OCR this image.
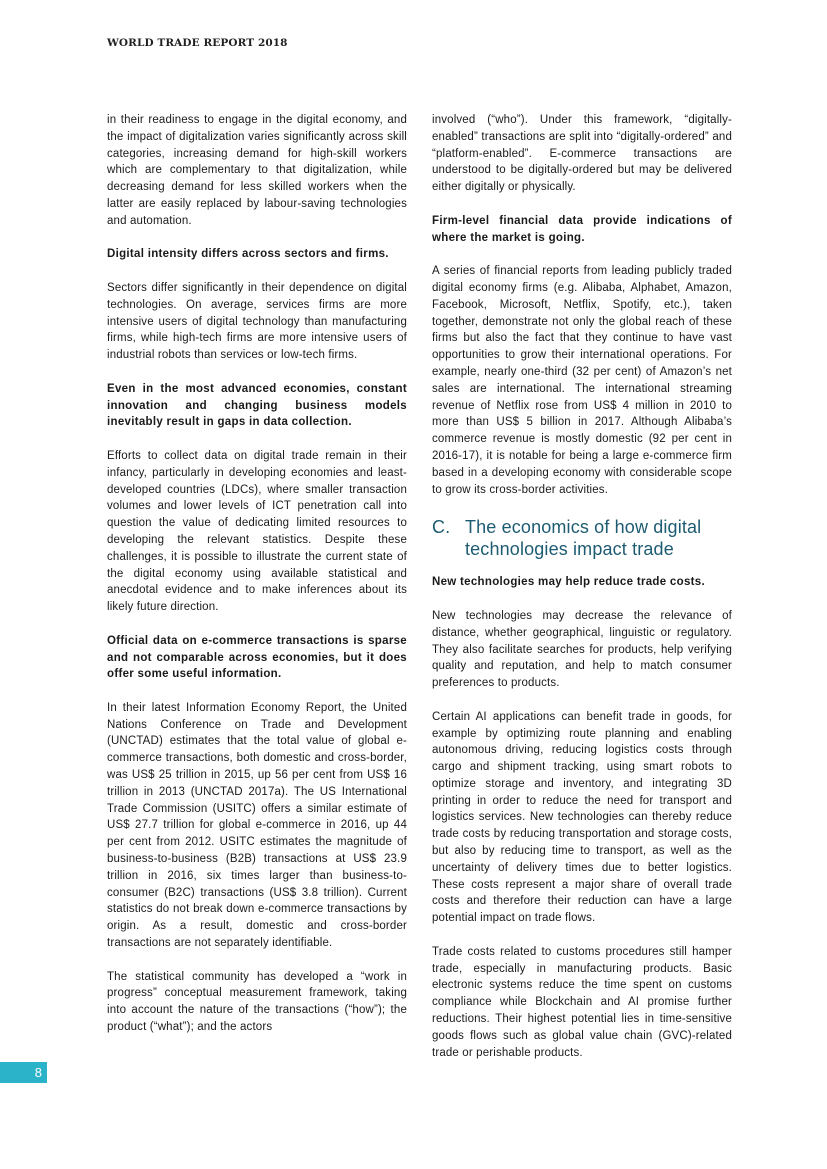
WORLD TRADE REPORT 2018

in their readiness to engage in the digital economy, and the impact of digitalization varies significantly across skill categories, increasing demand for high-skill workers which are complementary to that digitalization, while decreasing demand for less skilled workers when the latter are easily replaced by labour-saving technologies and automation.

Digital intensity differs across sectors and firms.

Sectors differ significantly in their dependence on digital technologies. On average, services firms are more intensive users of digital technology than manufacturing firms, while high-tech firms are more intensive users of industrial robots than services or low-tech firms.

Even in the most advanced economies, constant innovation and changing business models inevitably result in gaps in data collection.

Efforts to collect data on digital trade remain in their infancy, particularly in developing economies and least-developed countries (LDCs), where smaller transaction volumes and lower levels of ICT penetration call into question the value of dedicating limited resources to developing the relevant statistics. Despite these challenges, it is possible to illustrate the current state of the digital economy using available statistical and anecdotal evidence and to make inferences about its likely future direction.

Official data on e-commerce transactions is sparse and not comparable across economies, but it does offer some useful information.

In their latest Information Economy Report, the United Nations Conference on Trade and Development (UNCTAD) estimates that the total value of global e-commerce transactions, both domestic and cross-border, was US$ 25 trillion in 2015, up 56 per cent from US$ 16 trillion in 2013 (UNCTAD 2017a). The US International Trade Commission (USITC) offers a similar estimate of US$ 27.7 trillion for global e-commerce in 2016, up 44 per cent from 2012. USITC estimates the magnitude of business-to-business (B2B) transactions at US$ 23.9 trillion in 2016, six times larger than business-to-consumer (B2C) transactions (US$ 3.8 trillion). Current statistics do not break down e-commerce transactions by origin. As a result, domestic and cross-border transactions are not separately identifiable.

The statistical community has developed a “work in progress” conceptual measurement framework, taking into account the nature of the transactions (“how”); the product (“what”); and the actors

involved (“who”). Under this framework, “digitally-enabled” transactions are split into “digitally-ordered” and “platform-enabled”. E-commerce transactions are understood to be digitally-ordered but may be delivered either digitally or physically.

Firm-level financial data provide indications of where the market is going.

A series of financial reports from leading publicly traded digital economy firms (e.g. Alibaba, Alphabet, Amazon, Facebook, Microsoft, Netflix, Spotify, etc.), taken together, demonstrate not only the global reach of these firms but also the fact that they continue to have vast opportunities to grow their international operations. For example, nearly one-third (32 per cent) of Amazon’s net sales are international. The international streaming revenue of Netflix rose from US$ 4 million in 2010 to more than US$ 5 billion in 2017. Although Alibaba’s commerce revenue is mostly domestic (92 per cent in 2016-17), it is notable for being a large e-commerce firm based in a developing economy with considerable scope to grow its cross-border activities.

C. The economics of how digital technologies impact trade

New technologies may help reduce trade costs.

New technologies may decrease the relevance of distance, whether geographical, linguistic or regulatory. They also facilitate searches for products, help verifying quality and reputation, and help to match consumer preferences to products.

Certain AI applications can benefit trade in goods, for example by optimizing route planning and enabling autonomous driving, reducing logistics costs through cargo and shipment tracking, using smart robots to optimize storage and inventory, and integrating 3D printing in order to reduce the need for transport and logistics services. New technologies can thereby reduce trade costs by reducing transportation and storage costs, but also by reducing time to transport, as well as the uncertainty of delivery times due to better logistics. These costs represent a major share of overall trade costs and therefore their reduction can have a large potential impact on trade flows.

Trade costs related to customs procedures still hamper trade, especially in manufacturing products. Basic electronic systems reduce the time spent on customs compliance while Blockchain and AI promise further reductions. Their highest potential lies in time-sensitive goods flows such as global value chain (GVC)-related trade or perishable products.

8
